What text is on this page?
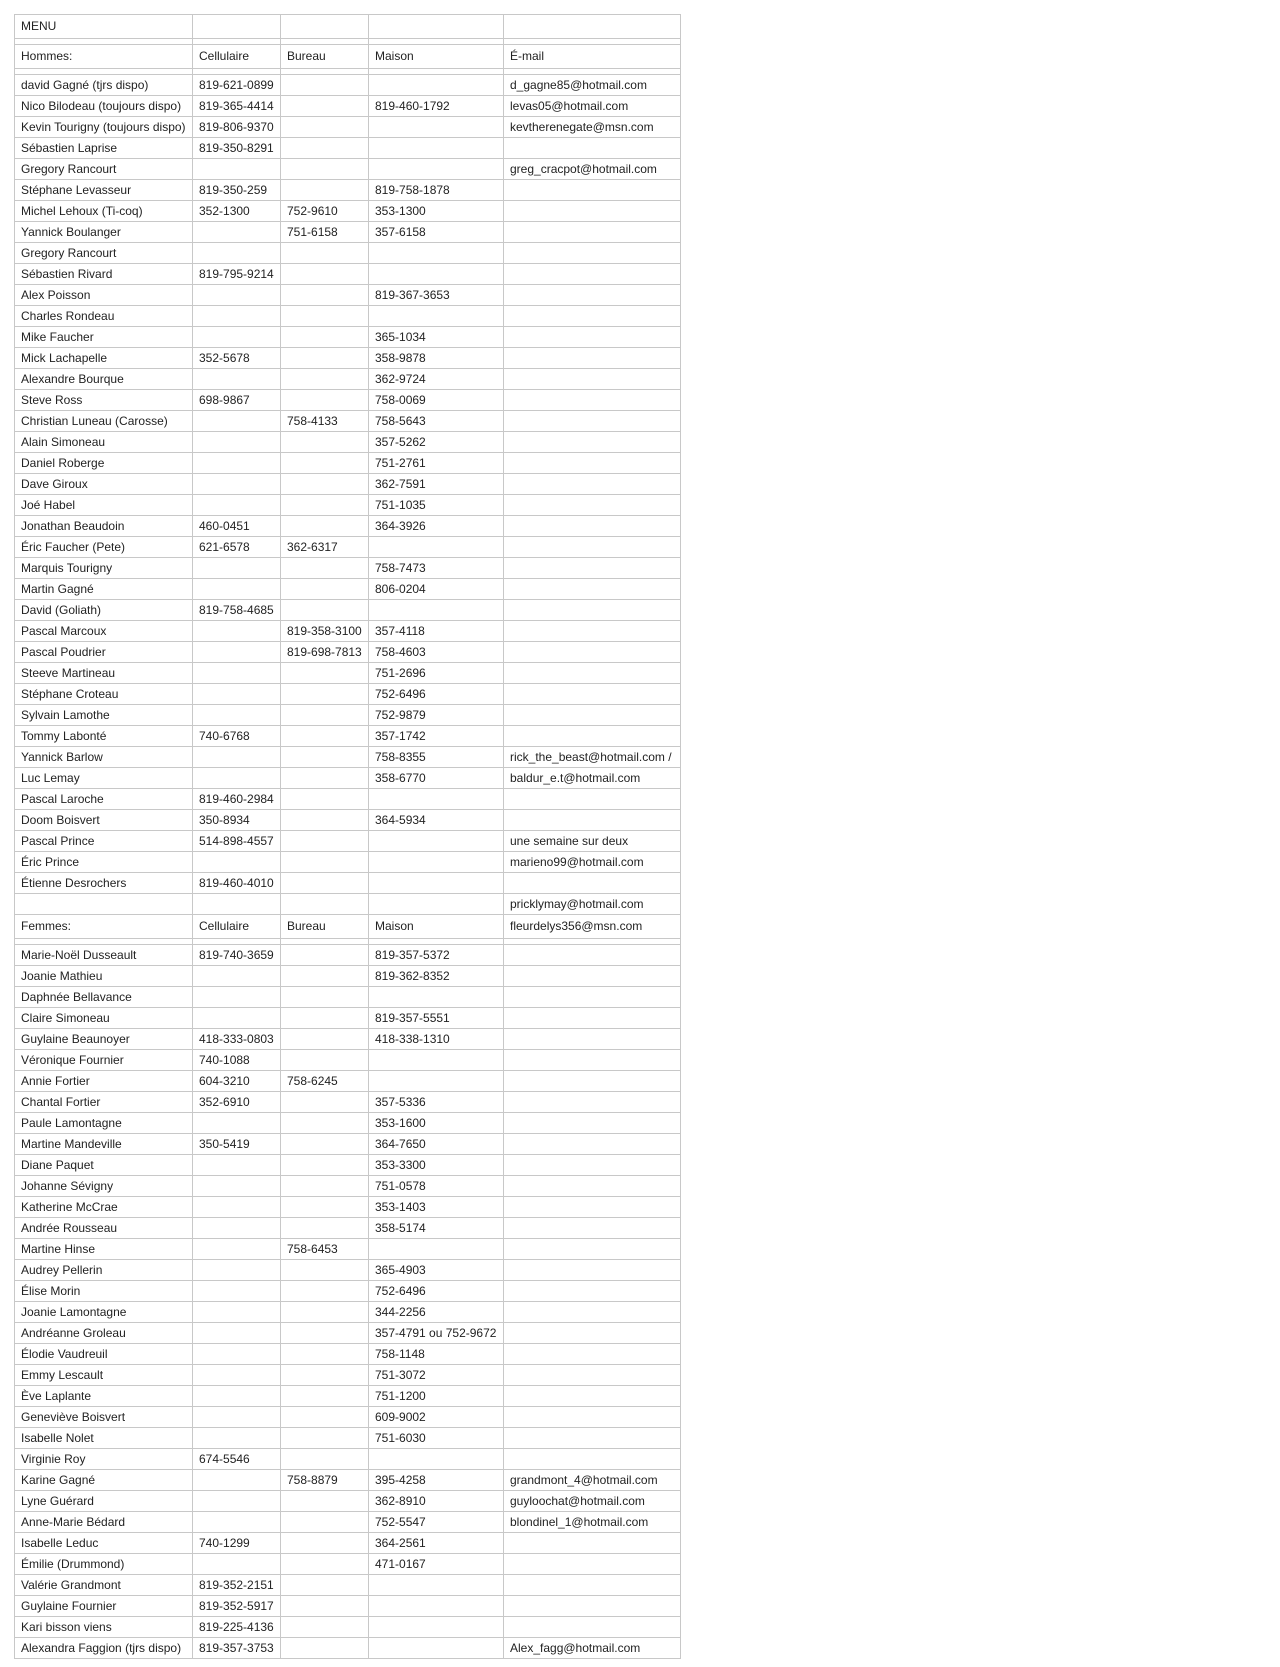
MENU				

Hommes:	Cellulaire	Bureau	Maison	É-mail

david Gagné (tjrs dispo)	819-621-0899			d_gagne85@hotmail.com
Nico Bilodeau (toujours dispo)	819-365-4414		819-460-1792	levas05@hotmail.com
Kevin Tourigny (toujours dispo)	819-806-9370			kevtherenegate@msn.com
Sébastien Laprise	819-350-8291			
Gregory Rancourt				greg_cracpot@hotmail.com
Stéphane Levasseur	819-350-259		819-758-1878	
Michel Lehoux (Ti-coq)	352-1300	752-9610	353-1300	
Yannick Boulanger		751-6158	357-6158	
Gregory Rancourt				
Sébastien Rivard	819-795-9214			
Alex Poisson			819-367-3653	
Charles Rondeau				
Mike Faucher			365-1034	
Mick Lachapelle	352-5678		358-9878	
Alexandre Bourque			362-9724	
Steve Ross	698-9867		758-0069	
Christian Luneau (Carosse)		758-4133	758-5643	
Alain Simoneau			357-5262	
Daniel Roberge			751-2761	
Dave Giroux			362-7591	
Joé Habel			751-1035	
Jonathan Beaudoin	460-0451		364-3926	
Éric Faucher (Pete)	621-6578	362-6317		
Marquis Tourigny			758-7473	
Martin Gagné			806-0204	
David (Goliath)	819-758-4685			
Pascal Marcoux		819-358-3100	357-4118	
Pascal Poudrier		819-698-7813	758-4603	
Steeve Martineau			751-2696	
Stéphane Croteau			752-6496	
Sylvain Lamothe			752-9879	
Tommy Labonté	740-6768		357-1742	
Yannick Barlow			758-8355	rick_the_beast@hotmail.com /
Luc Lemay			358-6770	baldur_e.t@hotmail.com
Pascal Laroche	819-460-2984			
Doom Boisvert	350-8934		364-5934	
Pascal Prince	514-898-4557			une semaine sur deux
Éric Prince				marieno99@hotmail.com
Étienne Desrochers	819-460-4010			
				pricklymay@hotmail.com
Femmes:	Cellulaire	Bureau	Maison	fleurdelys356@msn.com

Marie-Noël Dusseault	819-740-3659		819-357-5372	
Joanie Mathieu			819-362-8352	
Daphnée Bellavance				
Claire Simoneau			819-357-5551	
Guylaine Beaunoyer	418-333-0803		418-338-1310	
Véronique Fournier	740-1088			
Annie Fortier	604-3210	758-6245		
Chantal Fortier	352-6910		357-5336	
Paule Lamontagne			353-1600	
Martine Mandeville	350-5419		364-7650	
Diane Paquet			353-3300	
Johanne Sévigny			751-0578	
Katherine McCrae			353-1403	
Andrée Rousseau			358-5174	
Martine Hinse		758-6453		
Audrey Pellerin			365-4903	
Élise Morin			752-6496	
Joanie Lamontagne			344-2256	
Andréanne Groleau			357-4791 ou 752-9672	
Élodie Vaudreuil			758-1148	
Emmy Lescault			751-3072	
Ève Laplante			751-1200	
Geneviève Boisvert			609-9002	
Isabelle Nolet			751-6030	
Virginie Roy	674-5546			
Karine Gagné		758-8879	395-4258	grandmont_4@hotmail.com
Lyne Guérard			362-8910	guyloochat@hotmail.com
Anne-Marie Bédard			752-5547	blondinel_1@hotmail.com
Isabelle Leduc	740-1299		364-2561	
Émilie (Drummond)			471-0167	
Valérie Grandmont	819-352-2151			
Guylaine Fournier	819-352-5917			
Kari bisson viens	819-225-4136			
Alexandra Faggion (tjrs dispo)	819-357-3753			Alex_fagg@hotmail.com
